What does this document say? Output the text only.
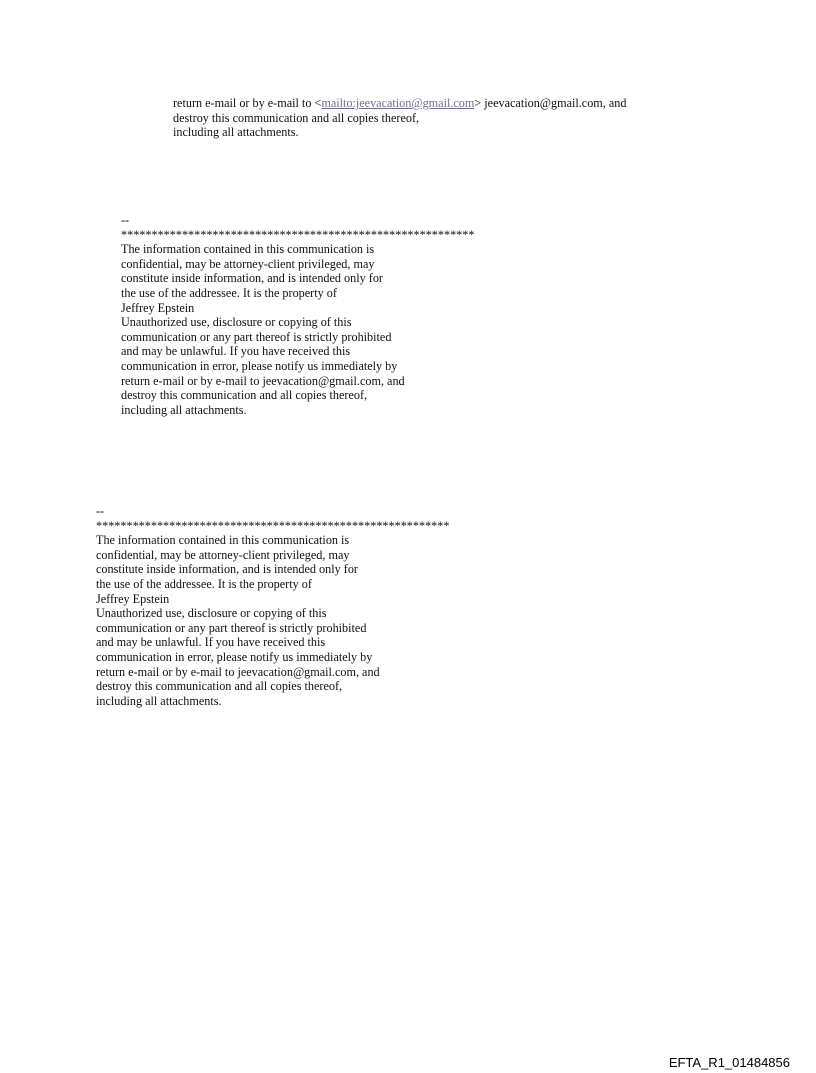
return e-mail or by e-mail to <mailto:jeevacation@gmail.com> jeevacation@gmail.com, and
destroy this communication and all copies thereof,
including all attachments.
--
**********************************************************
The information contained in this communication is
confidential, may be attorney-client privileged, may
constitute inside information, and is intended only for
the use of the addressee. It is the property of
Jeffrey Epstein
Unauthorized use, disclosure or copying of this
communication or any part thereof is strictly prohibited
and may be unlawful. If you have received this
communication in error, please notify us immediately by
return e-mail or by e-mail to jeevacation@gmail.com, and
destroy this communication and all copies thereof,
including all attachments.
--
**********************************************************
The information contained in this communication is
confidential, may be attorney-client privileged, may
constitute inside information, and is intended only for
the use of the addressee. It is the property of
Jeffrey Epstein
Unauthorized use, disclosure or copying of this
communication or any part thereof is strictly prohibited
and may be unlawful. If you have received this
communication in error, please notify us immediately by
return e-mail or by e-mail to jeevacation@gmail.com, and
destroy this communication and all copies thereof,
including all attachments.
EFTA_R1_01484856
